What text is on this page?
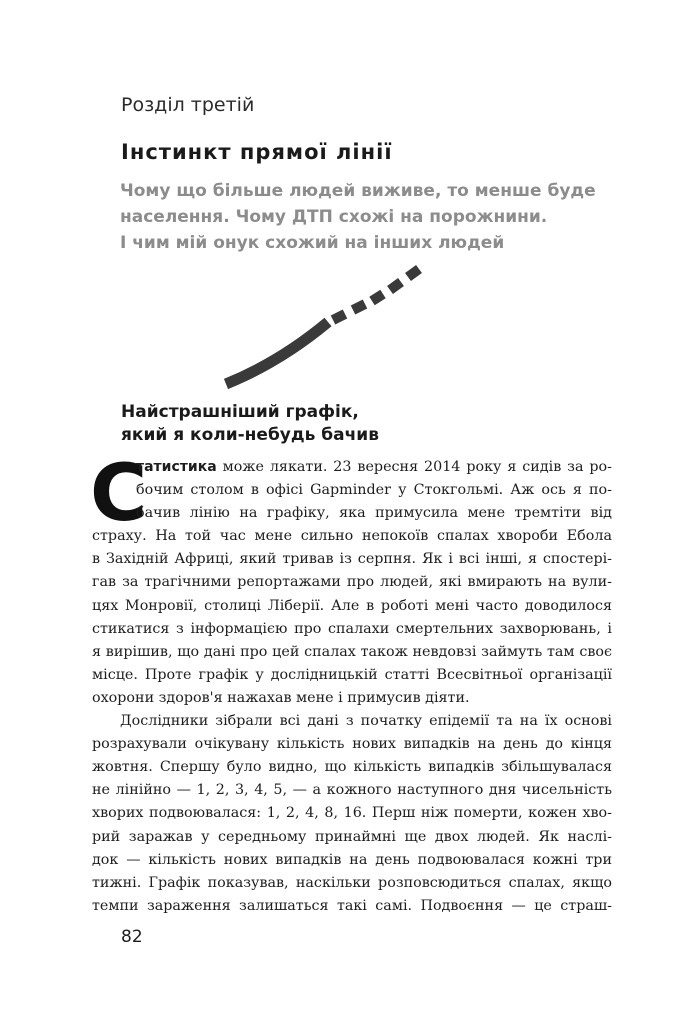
Розділ третій
Інстинкт прямої лінії
Чому що більше людей виживе, то менше буде
населення. Чому ДТП схожі на порожнини.
І чим мій онук схожий на інших людей
Найстрашніший графік,
який я коли-небудь бачив
С
татистика може лякати. 23 вересня 2014 року я сидів за ро-
бочим столом в офісі Gapminder у Стокгольмі. Аж ось я по-
бачив лінію на графіку, яка примусила мене тремтіти від
страху. На той час мене сильно непокоїв спалах хвороби Ебола
в Західній Африці, який тривав із серпня. Як і всі інші, я спостері-
гав за трагічними репортажами про людей, які вмирають на вули-
цях Монровії, столиці Ліберії. Але в роботі мені часто доводилося
стикатися з інформацією про спалахи смертельних захворювань, і
я вирішив, що дані про цей спалах також невдовзі займуть там своє
місце. Проте графік у дослідницькій статті Всесвітньої організації
охорони здоров'я нажахав мене і примусив діяти.
Дослідники зібрали всі дані з початку епідемії та на їх основі
розрахували очікувану кількість нових випадків на день до кінця
жовтня. Спершу було видно, що кількість випадків збільшувалася
не лінійно — 1, 2, 3, 4, 5, — а кожного наступного дня чисельність
хворих подвоювалася: 1, 2, 4, 8, 16. Перш ніж померти, кожен хво-
рий заражав у середньому принаймні ще двох людей. Як наслі-
док — кількість нових випадків на день подвоювалася кожні три
тижні. Графік показував, наскільки розповсюдиться спалах, якщо
темпи зараження залишаться такі самі. Подвоєння — це страш-
82
